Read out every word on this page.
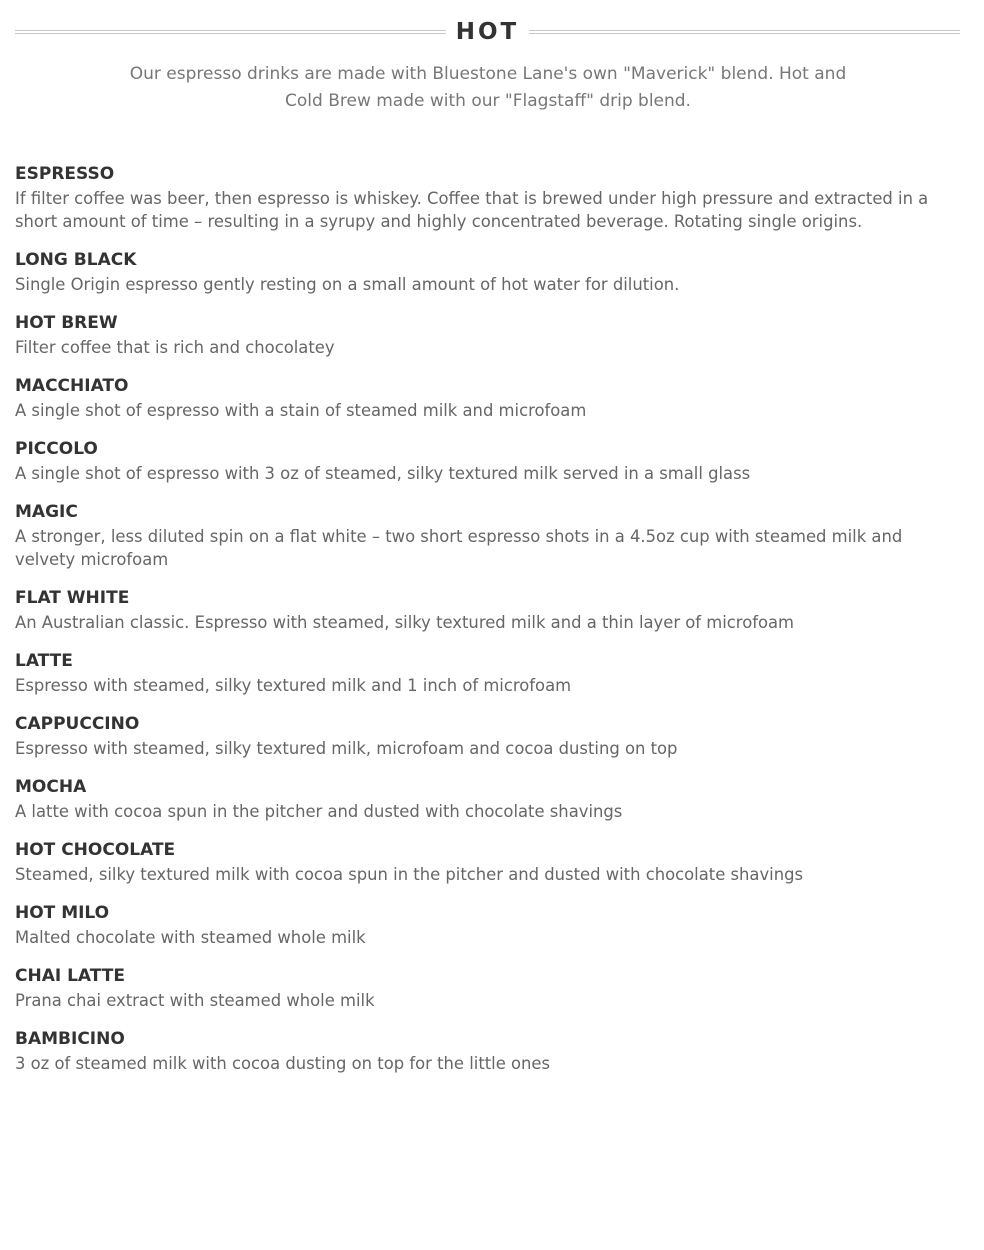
HOT

Our espresso drinks are made with Bluestone Lane's own "Maverick" blend. Hot and Cold Brew made with our "Flagstaff" drip blend.

ESPRESSO
If filter coffee was beer, then espresso is whiskey. Coffee that is brewed under high pressure and extracted in a short amount of time – resulting in a syrupy and highly concentrated beverage. Rotating single origins.
LONG BLACK
Single Origin espresso gently resting on a small amount of hot water for dilution.
HOT BREW
Filter coffee that is rich and chocolatey
MACCHIATO
A single shot of espresso with a stain of steamed milk and microfoam
PICCOLO
A single shot of espresso with 3 oz of steamed, silky textured milk served in a small glass
MAGIC
A stronger, less diluted spin on a flat white – two short espresso shots in a 4.5oz cup with steamed milk and velvety microfoam
FLAT WHITE
An Australian classic. Espresso with steamed, silky textured milk and a thin layer of microfoam
LATTE
Espresso with steamed, silky textured milk and 1 inch of microfoam
CAPPUCCINO
Espresso with steamed, silky textured milk, microfoam and cocoa dusting on top
MOCHA
A latte with cocoa spun in the pitcher and dusted with chocolate shavings
HOT CHOCOLATE
Steamed, silky textured milk with cocoa spun in the pitcher and dusted with chocolate shavings
HOT MILO
Malted chocolate with steamed whole milk
CHAI LATTE
Prana chai extract with steamed whole milk
BAMBICINO
3 oz of steamed milk with cocoa dusting on top for the little ones
